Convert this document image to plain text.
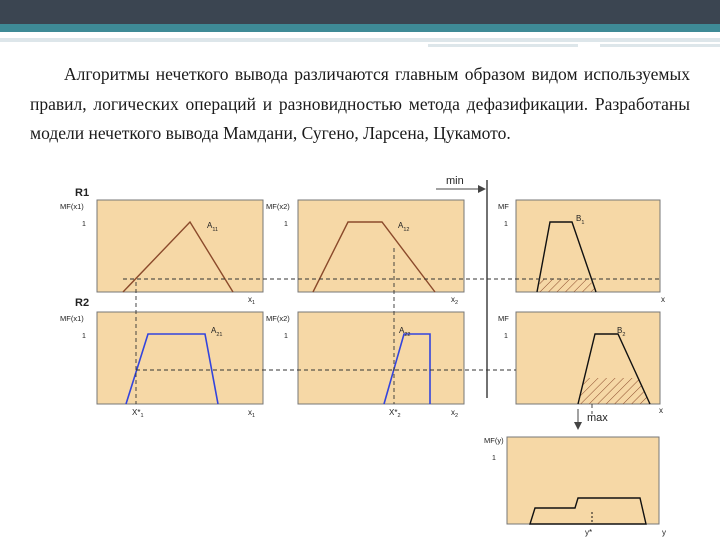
Алгоритмы нечеткого вывода различаются главным образом видом используемых правил, логических операций и разновидностью метода дефазификации. Разработаны модели нечеткого вывода Мамдани, Сугено, Ларсена, Цукамото.

R1
R2
min
max
MF(x1)	MF(x2)	MF
MF(x1)	MF(x2)	MF
MF(y)
1	1	1
1	1	1
1
$A_{11}$	$A_{12}$
$B_1$
$A_{21}$	$A_{22}$	$B_2$
$x_1$	$x_2$	x
$x_1$	$x_2$
x
y
$X*_1$	$X*_2$
y*
